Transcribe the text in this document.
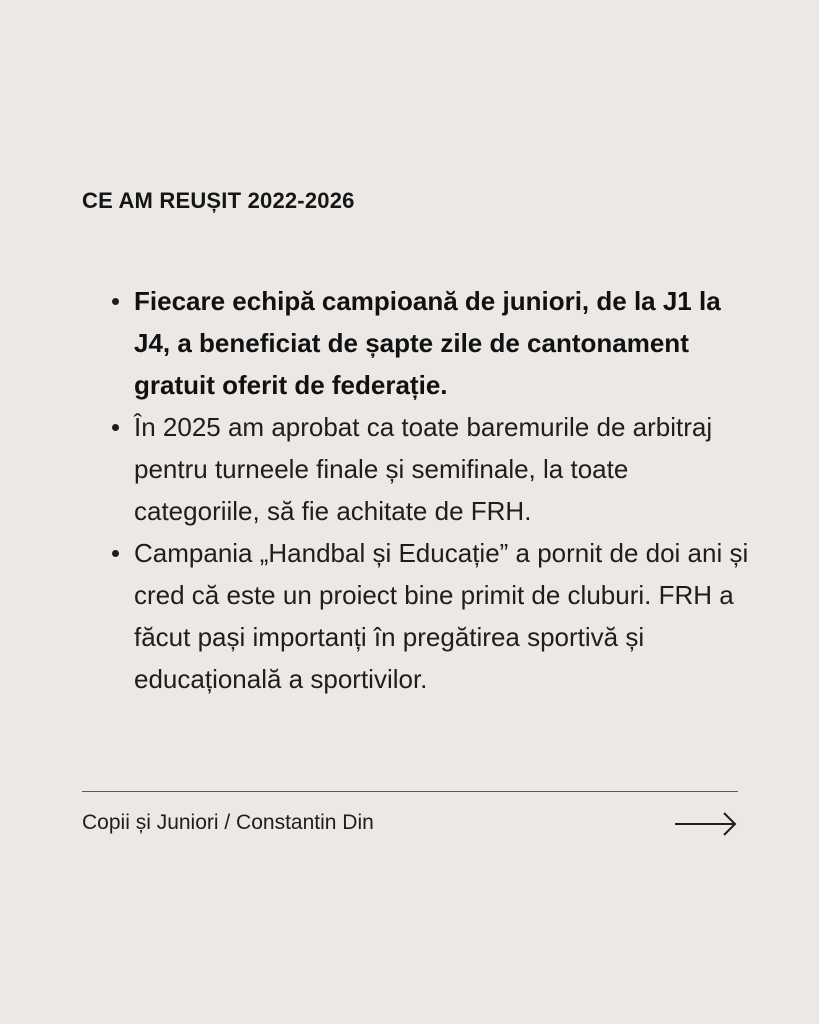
CE AM REUȘIT 2022-2026
Fiecare echipă campioană de juniori, de la J1 la J4, a beneficiat de șapte zile de cantonament gratuit oferit de federație.
În 2025 am aprobat ca toate baremurile de arbitraj pentru turneele finale și semifinale, la toate categoriile, să fie achitate de FRH.
Campania „Handbal și Educație” a pornit de doi ani și cred că este un proiect bine primit de cluburi. FRH a făcut pași importanți în pregătirea sportivă și educațională a sportivilor.
Copii și Juniori / Constantin Din
